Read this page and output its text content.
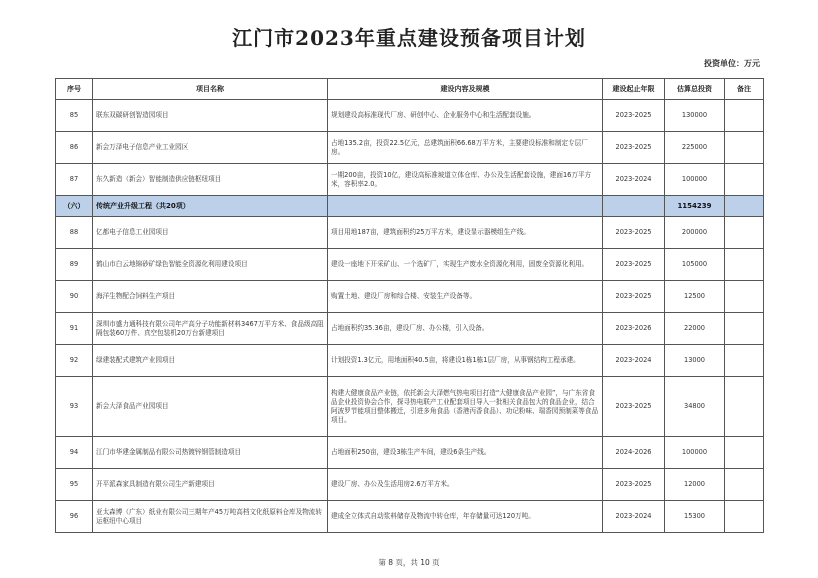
江门市2023年重点建设预备项目计划
投资单位：万元
序号	项目名称	建设内容及规模	建设起止年限	估算总投资	备注
85	联东双碳研创智造园项目	规划建设高标准现代厂房、研创中心、企业服务中心和生活配套设施。	2023-2025	130000	
86	新会万泽电子信息产业工业园区	占地135.2亩，投资22.5亿元，总建筑面积66.68万平方米，主要建设标准和制定专层厂房。	2023-2025	225000	
87	东久新造（新会）智能制造供应链枢纽项目	一期200亩，投资10亿，建设高标准坡道立体仓库、办公及生活配套设施，建面16万平方米，容积率2.0。	2023-2024	100000	
（六）	传统产业升级工程（共20项）			1154239	
88	亿都电子信息工业园项目	项目用地187亩，建筑面积约25万平方米，建设显示器模组生产线。	2023-2025	200000	
89	鹤山市白云地锦砂矿绿色智能全资源化利用建设项目	建设一座地下开采矿山、一个选矿厂，实现生产废水全资源化利用，固废全资源化利用。	2023-2025	105000	
90	海洋生物配合饲料生产项目	购置土地、建设厂房和综合楼、安装生产设备等。	2023-2025	12500	
91	深圳市盛力通科技有限公司年产高分子功能新材料3467万平方米、食品级高阻隔包装60万件、真空包装机20万台新建项目	占地面积约35.36亩，建设厂房、办公楼，引入设备。	2023-2026	22000	
92	绿建装配式建筑产业园项目	计划投资1.3亿元，用地面积40.5亩，将建设1栋1栋1层厂房，从事钢结构工程承建。	2023-2024	13000	
93	新会大泽食品产业园项目	构建大健康食品产业链，依托新会大泽燃气热电项目打造“大健康食品产业园”，与广东省食品企业投资协会合作，探寻热电联产工业配套项目导入一批相关食品包大的食品企业，结合阿波罗节能项目整体搬迁，引进多角食品（香港丙香食品）、功记粉味、瑞香园预制菜等食品项目。	2023-2025	34800	
94	江门市华建金属制品有限公司热镀锌钢管制造项目	占地面积250亩，建设3栋生产车间，建设6条生产线。	2024-2026	100000	
95	开平派森家具制造有限公司生产新建项目	建设厂房、办公及生活用房2.6万平方米。	2023-2025	12000	
96	亚太森博（广东）纸业有限公司三期年产45万吨高档文化纸原料仓库及物流转运枢纽中心项目	建成全立体式自动浆料储存及物流中转仓库，年存储量可达120万吨。	2023-2024	15300	
第 8 页，共 10 页
